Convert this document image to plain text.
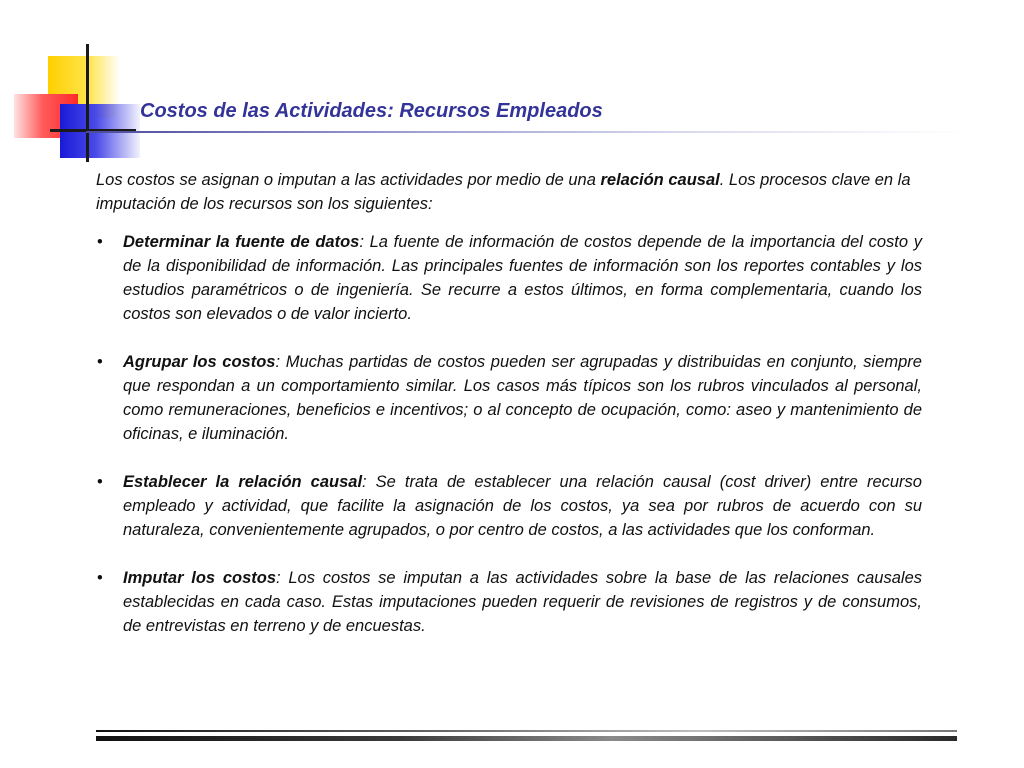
Costos de las Actividades: Recursos Empleados

Los costos se asignan o imputan a las actividades por medio de una relación causal. Los procesos clave en la imputación de los recursos son los siguientes:

• Determinar la fuente de datos: La fuente de información de costos depende de la importancia del costo y de la disponibilidad de información. Las principales fuentes de información son los reportes contables y los estudios paramétricos o de ingeniería. Se recurre a estos últimos, en forma complementaria, cuando los costos son elevados o de valor incierto.
• Agrupar los costos: Muchas partidas de costos pueden ser agrupadas y distribuidas en conjunto, siempre que respondan a un comportamiento similar. Los casos más típicos son los rubros vinculados al personal, como remuneraciones, beneficios e incentivos; o al concepto de ocupación, como: aseo y mantenimiento de oficinas, e iluminación.
• Establecer la relación causal: Se trata de establecer una relación causal (cost driver) entre recurso empleado y actividad, que facilite la asignación de los costos, ya sea por rubros de acuerdo con su naturaleza, convenientemente agrupados, o por centro de costos, a las actividades que los conforman.
• Imputar los costos: Los costos se imputan a las actividades sobre la base de las relaciones causales establecidas en cada caso. Estas imputaciones pueden requerir de revisiones de registros y de consumos, de entrevistas en terreno y de encuestas.
